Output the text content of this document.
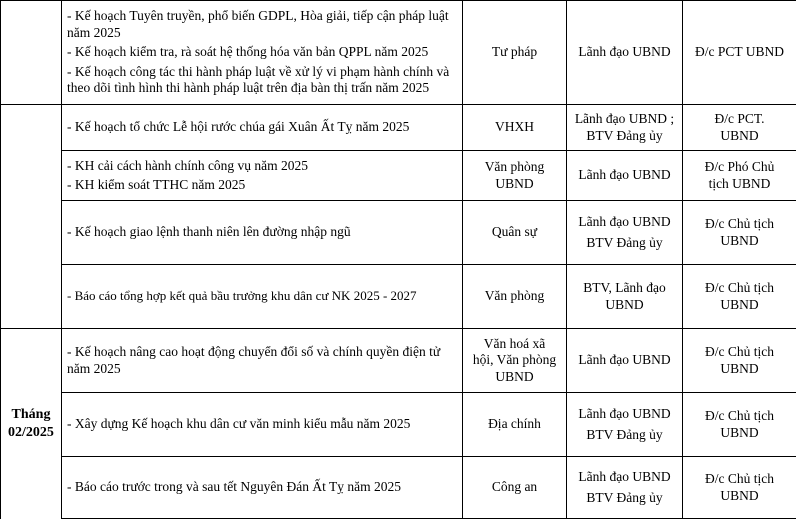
	- Kế hoạch Tuyên truyền, phổ biến GDPL, Hòa giải, tiếp cận pháp luật năm 2025
- Kế hoạch kiểm tra, rà soát hệ thống hóa văn bản QPPL năm 2025
- Kế hoạch công tác thi hành pháp luật về xử lý vi phạm hành chính và theo dõi tình hình thi hành pháp luật trên địa bàn thị trấn năm 2025	Tư pháp	Lãnh đạo UBND	Đ/c PCT UBND

	- Kế hoạch tổ chức Lễ hội rước chúa gái Xuân Ất Tỵ năm 2025	VHXH	Lãnh đạo UBND ;
BTV Đảng ủy	Đ/c PCT.
UBND

	- KH cải cách hành chính công vụ năm 2025
- KH kiểm soát TTHC năm 2025	Văn phòng
UBND	Lãnh đạo UBND	Đ/c Phó Chủ
tịch UBND

	- Kế hoạch giao lệnh thanh niên lên đường nhập ngũ	Quân sự	Lãnh đạo UBND
BTV Đảng ủy	Đ/c Chủ tịch
UBND

	- Báo cáo tổng hợp kết quả bầu trưởng khu dân cư NK 2025 - 2027	Văn phòng	BTV, Lãnh đạo
UBND	Đ/c Chủ tịch
UBND

Tháng
02/2025	- Kế hoạch nâng cao hoạt động chuyển đổi số và chính quyền điện tử năm 2025	Văn hoá xã
hội, Văn phòng
UBND	Lãnh đạo UBND	Đ/c Chủ tịch
UBND

	- Xây dựng Kế hoạch khu dân cư văn minh kiểu mẫu năm 2025	Địa chính	Lãnh đạo UBND
BTV Đảng ủy	Đ/c Chủ tịch
UBND

	- Báo cáo trước trong và sau tết Nguyên Đán Ất Tỵ năm 2025	Công an	Lãnh đạo UBND
BTV Đảng ủy	Đ/c Chủ tịch
UBND
